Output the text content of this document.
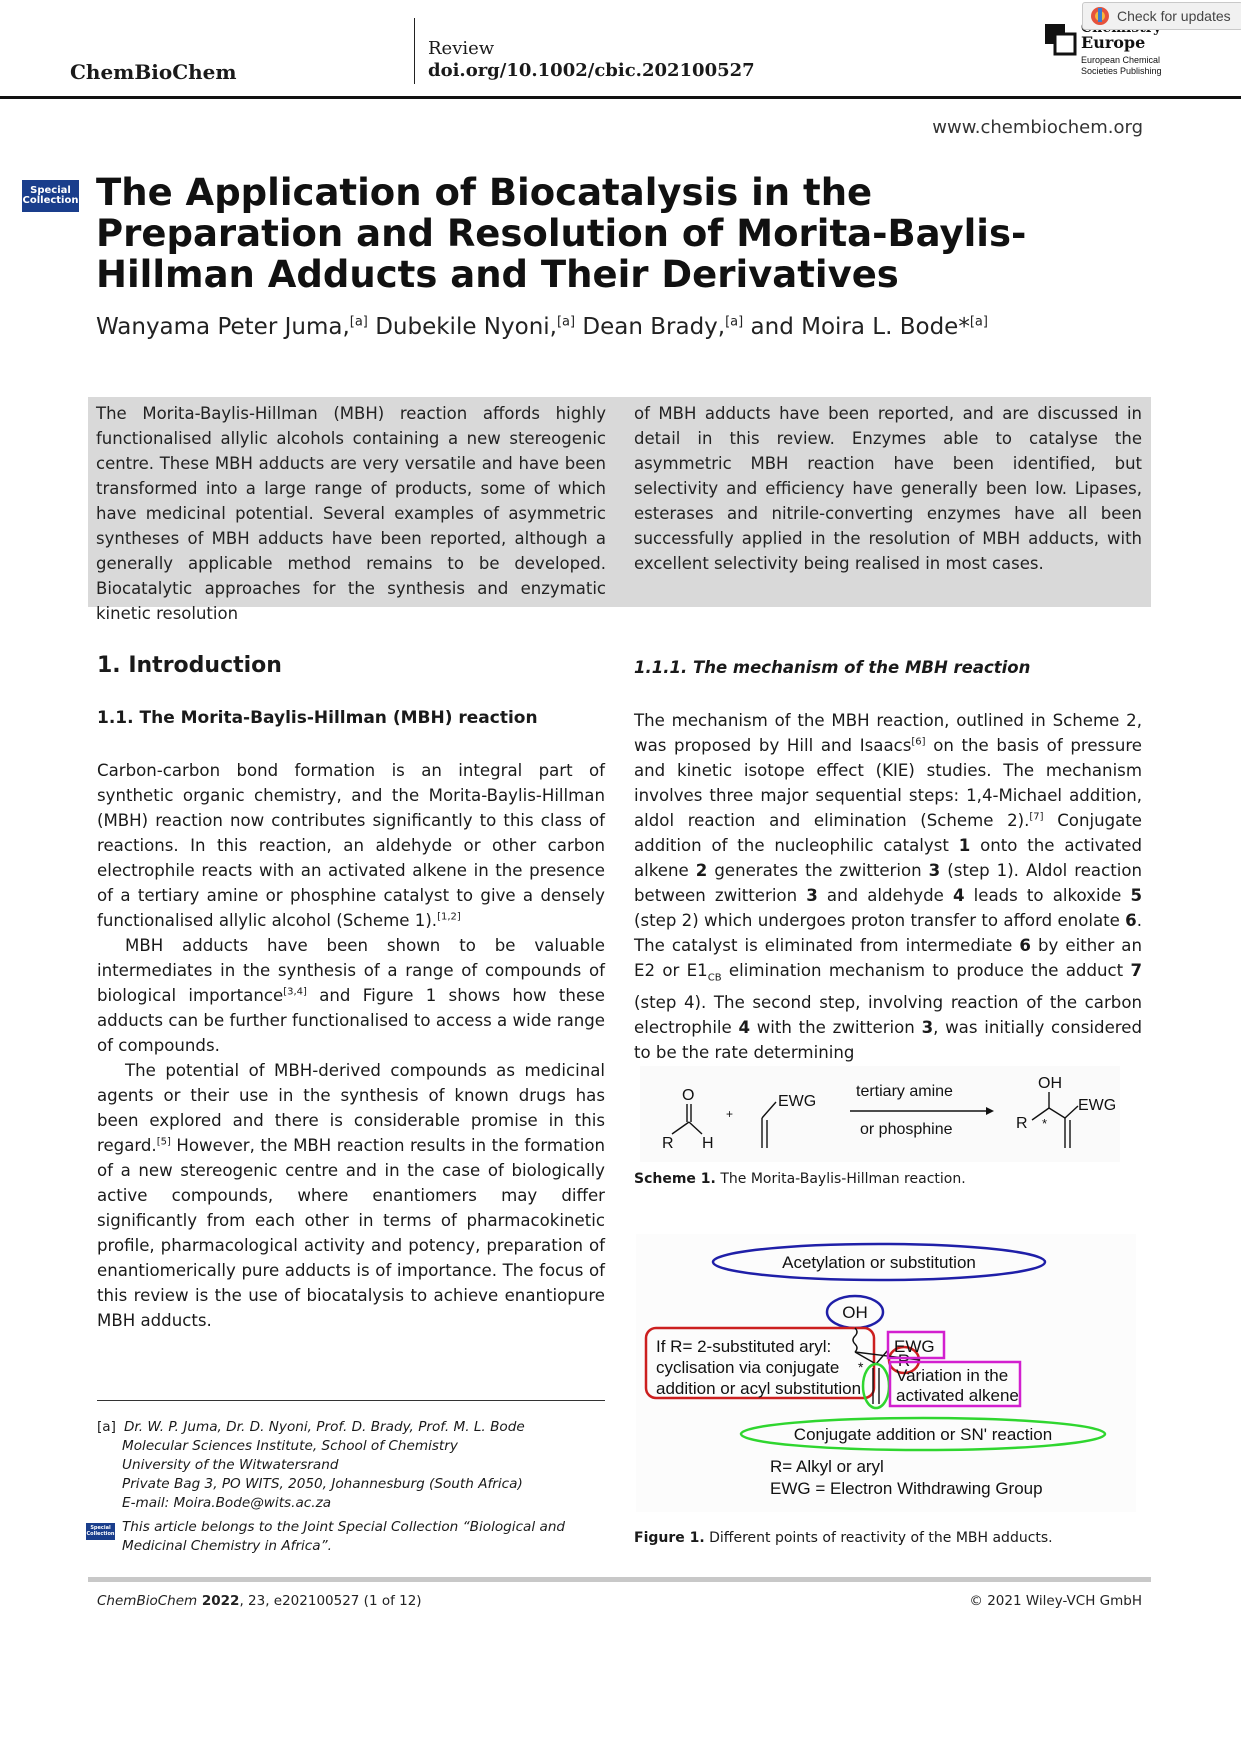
ChemBioChem
Review
doi.org/10.1002/cbic.202100527
Europe
European Chemical
Societies Publishing
Check for updates
www.chembiochem.org
Special
Collection The Application of Biocatalysis in the Preparation and Resolution of Morita-Baylis-Hillman Adducts and Their Derivatives
Wanyama Peter Juma,[a] Dubekile Nyoni,[a] Dean Brady,[a] and Moira L. Bode*[a]
The Morita-Baylis-Hillman (MBH) reaction affords highly functionalised allylic alcohols containing a new stereogenic centre. These MBH adducts are very versatile and have been transformed into a large range of products, some of which have medicinal potential. Several examples of asymmetric syntheses of MBH adducts have been reported, although a generally applicable method remains to be developed. Biocatalytic approaches for the synthesis and enzymatic kinetic resolution
of MBH adducts have been reported, and are discussed in detail in this review. Enzymes able to catalyse the asymmetric MBH reaction have been identified, but selectivity and efficiency have generally been low. Lipases, esterases and nitrile-converting enzymes have all been successfully applied in the resolution of MBH adducts, with excellent selectivity being realised in most cases.
1. Introduction
1.1. The Morita-Baylis-Hillman (MBH) reaction

Carbon-carbon bond formation is an integral part of synthetic organic chemistry, and the Morita-Baylis-Hillman (MBH) reaction now contributes significantly to this class of reactions. In this reaction, an aldehyde or other carbon electrophile reacts with an activated alkene in the presence of a tertiary amine or phosphine catalyst to give a densely functionalised allylic alcohol (Scheme 1).[1,2]

MBH adducts have been shown to be valuable intermediates in the synthesis of a range of compounds of biological importance[3,4] and Figure 1 shows how these adducts can be further functionalised to access a wide range of compounds.

The potential of MBH-derived compounds as medicinal agents or their use in the synthesis of known drugs has been explored and there is considerable promise in this regard.[5] However, the MBH reaction results in the formation of a new stereogenic centre and in the case of biologically active compounds, where enantiomers may differ significantly from each other in terms of pharmacokinetic profile, pharmacological activity and potency, preparation of enantiomerically pure adducts is of importance. The focus of this review is the use of biocatalysis to achieve enantiopure MBH adducts.

[a] Dr. W. P. Juma, Dr. D. Nyoni, Prof. D. Brady, Prof. M. L. Bode
Molecular Sciences Institute, School of Chemistry
University of the Witwatersrand
Private Bag 3, PO WITS, 2050, Johannesburg (South Africa)
E-mail: Moira.Bode@wits.ac.za
Special
Collection This article belongs to the Joint Special Collection “Biological and Medicinal Chemistry in Africa”.
1.1.1. The mechanism of the MBH reaction

The mechanism of the MBH reaction, outlined in Scheme 2, was proposed by Hill and Isaacs[6] on the basis of pressure and kinetic isotope effect (KIE) studies. The mechanism involves three major sequential steps: 1,4-Michael addition, aldol reaction and elimination (Scheme 2).[7] Conjugate addition of the nucleophilic catalyst 1 onto the activated alkene 2 generates the zwitterion 3 (step 1). Aldol reaction between zwitterion 3 and aldehyde 4 leads to alkoxide 5 (step 2) which undergoes proton transfer to afford enolate 6. The catalyst is eliminated from intermediate 6 by either an E2 or $E1_{CB}$ elimination mechanism to produce the adduct 7 (step 4). The second step, involving reaction of the carbon electrophile 4 with the zwitterion 3, was initially considered to be the rate determining

O
R H
+
EWG
tertiary amine
or phosphine
OH
R *
EWG
Scheme 1. The Morita-Baylis-Hillman reaction.
Acetylation or substitution
OH
If R= 2-substituted aryl:
cyclisation via conjugate
addition or acyl substitution
R
*
EWG
Variation in the
activated alkene
Conjugate addition or SN' reaction
R= Alkyl or aryl
EWG = Electron Withdrawing Group
Figure 1. Different points of reactivity of the MBH adducts.
ChemBioChem 2022, 23, e202100527 (1 of 12)	© 2021 Wiley-VCH GmbH
